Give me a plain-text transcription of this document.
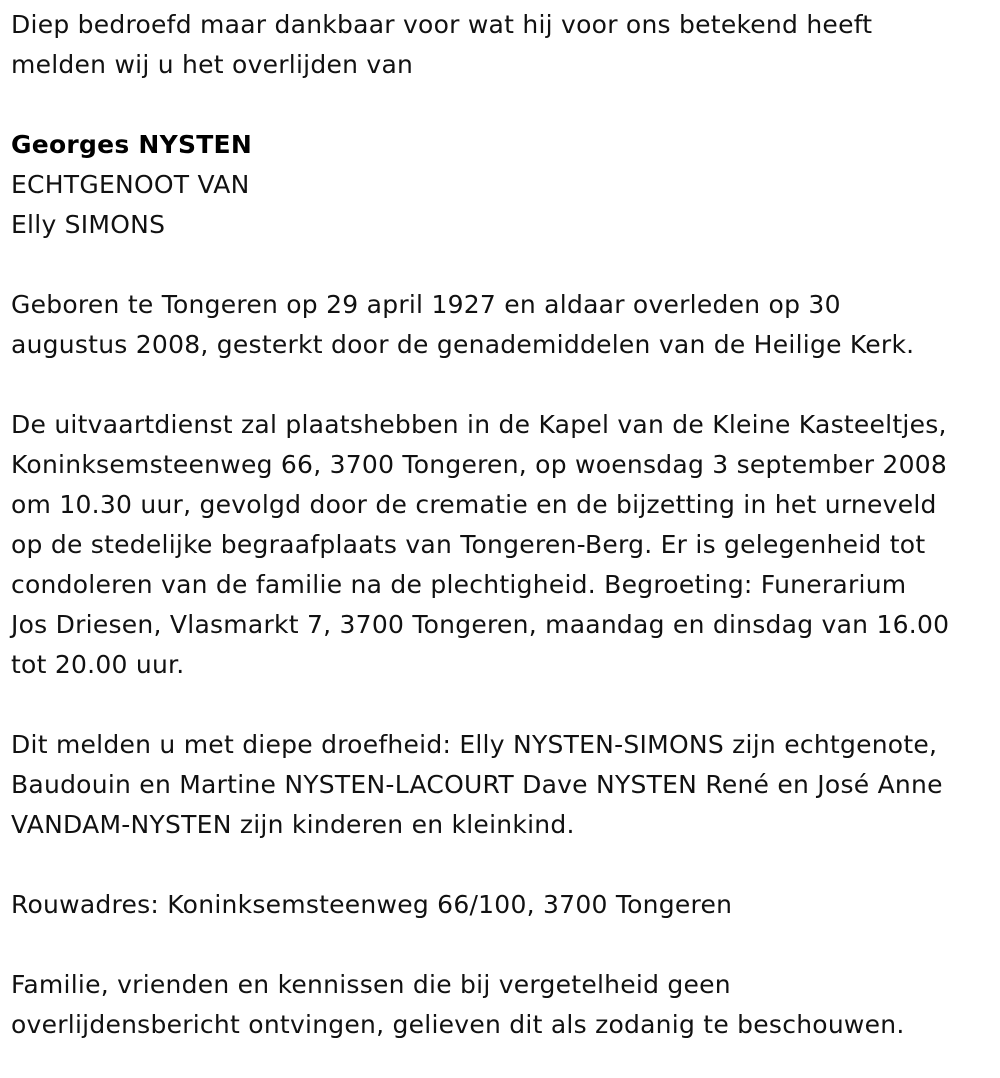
Diep bedroefd maar dankbaar voor wat hij voor ons betekend heeft
melden wij u het overlijden van

Georges NYSTEN
ECHTGENOOT VAN
Elly SIMONS

Geboren te Tongeren op 29 april 1927 en aldaar overleden op 30
augustus 2008, gesterkt door de genademiddelen van de Heilige Kerk.

De uitvaartdienst zal plaatshebben in de Kapel van de Kleine Kasteeltjes,
Koninksemsteenweg 66, 3700 Tongeren, op woensdag 3 september 2008
om 10.30 uur, gevolgd door de crematie en de bijzetting in het urneveld
op de stedelijke begraafplaats van Tongeren-Berg. Er is gelegenheid tot
condoleren van de familie na de plechtigheid. Begroeting: Funerarium
Jos Driesen, Vlasmarkt 7, 3700 Tongeren, maandag en dinsdag van 16.00
tot 20.00 uur.

Dit melden u met diepe droefheid: Elly NYSTEN-SIMONS zijn echtgenote,
Baudouin en Martine NYSTEN-LACOURT Dave NYSTEN René en José Anne
VANDAM-NYSTEN zijn kinderen en kleinkind.

Rouwadres: Koninksemsteenweg 66/100, 3700 Tongeren

Familie, vrienden en kennissen die bij vergetelheid geen
overlijdensbericht ontvingen, gelieven dit als zodanig te beschouwen.
